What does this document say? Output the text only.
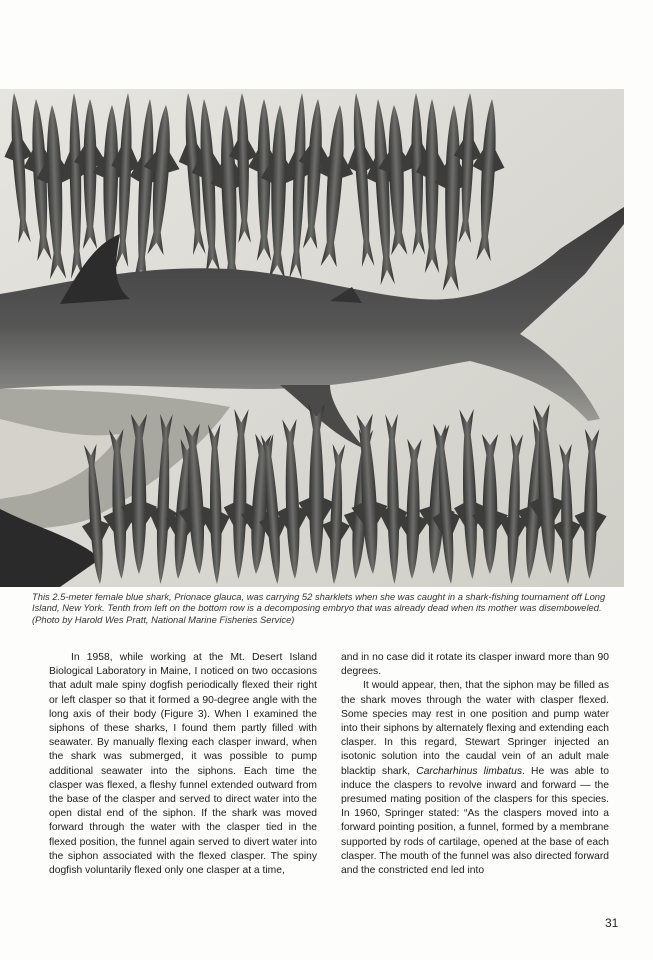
This 2.5-meter female blue shark, Prionace glauca, was carrying 52 sharklets when she was caught in a shark-fishing tournament off Long Island, New York. Tenth from left on the bottom row is a decomposing embryo that was already dead when its mother was disemboweled. (Photo by Harold Wes Pratt, National Marine Fisheries Service)

In 1958, while working at the Mt. Desert Island Biological Laboratory in Maine, I noticed on two occasions that adult male spiny dogfish periodically flexed their right or left clasper so that it formed a 90-degree angle with the long axis of their body (Figure 3). When I examined the siphons of these sharks, I found them partly filled with seawater. By manually flexing each clasper inward, when the shark was submerged, it was possible to pump additional seawater into the siphons. Each time the clasper was flexed, a fleshy funnel extended outward from the base of the clasper and served to direct water into the open distal end of the siphon. If the shark was moved forward through the water with the clasper tied in the flexed position, the funnel again served to divert water into the siphon associated with the flexed clasper. The spiny dogfish voluntarily flexed only one clasper at a time,

and in no case did it rotate its clasper inward more than 90 degrees.

It would appear, then, that the siphon may be filled as the shark moves through the water with clasper flexed. Some species may rest in one position and pump water into their siphons by alternately flexing and extending each clasper. In this regard, Stewart Springer injected an isotonic solution into the caudal vein of an adult male blacktip shark, Carcharhinus limbatus. He was able to induce the claspers to revolve inward and forward — the presumed mating position of the claspers for this species. In 1960, Springer stated: “As the claspers moved into a forward pointing position, a funnel, formed by a membrane supported by rods of cartilage, opened at the base of each clasper. The mouth of the funnel was also directed forward and the constricted end led into

31
